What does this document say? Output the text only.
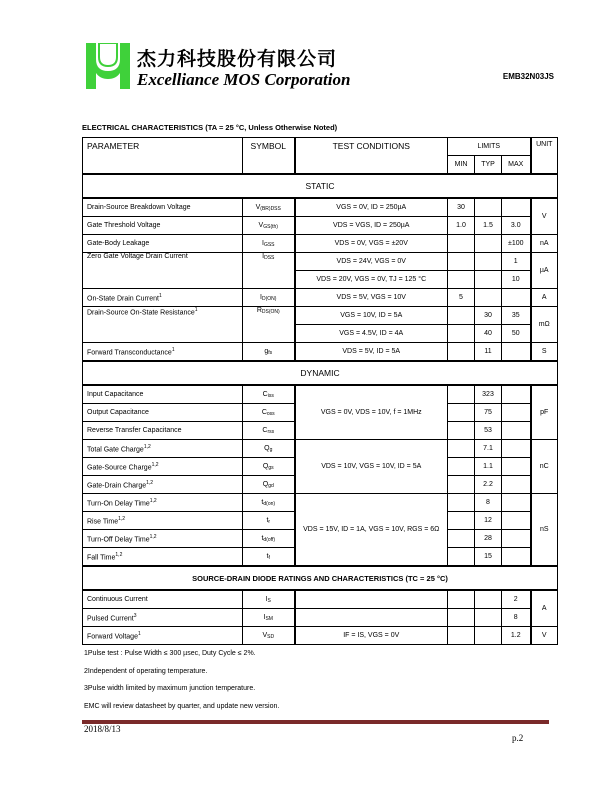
杰力科技股份有限公司
Excelliance MOS Corporation	EMB32N03JS
ELECTRICAL CHARACTERISTICS (TA = 25 °C, Unless Otherwise Noted)
PARAMETER	SYMBOL	TEST CONDITIONS	LIMITS			UNIT
			MIN	TYP	MAX	
STATIC						
Drain-Source Breakdown Voltage	$V_{(BR)DSS}$	VGS = 0V, ID = 250µA	30			V
Gate Threshold Voltage	$V_{GS(th)}$	VDS = VGS, ID = 250µA	1.0	1.5	3.0	
Gate-Body Leakage	$I_{GSS}$	VDS = 0V, VGS = ±20V			±100	nA
Zero Gate Voltage Drain Current	$I_{DSS}$	VDS = 24V, VGS = 0V			1	µA
		VDS = 20V, VGS = 0V, TJ = 125 °C			10	
On-State Drain Current$^1$	$I_{D(ON)}$	VDS = 5V, VGS = 10V	5			A
Drain-Source On-State Resistance$^1$	$R_{DS(ON)}$	VGS = 10V, ID = 5A		30	35	mΩ
		VGS = 4.5V, ID = 4A		40	50	
Forward Transconductance$^1$	$g_{fs}$	VDS = 5V, ID = 5A		11		S
DYNAMIC						
Input Capacitance	$C_{iss}$	VGS = 0V, VDS = 10V, f = 1MHz		323		pF
Output Capacitance	$C_{oss}$			75		
Reverse Transfer Capacitance	$C_{rss}$			53		
Total Gate Charge$^{1,2}$	$Q_g$	VDS = 10V, VGS = 10V, ID = 5A		7.1		nC
Gate-Source Charge$^{1,2}$	$Q_{gs}$			1.1		
Gate-Drain Charge$^{1,2}$	$Q_{gd}$			2.2		
Turn-On Delay Time$^{1,2}$	$t_{d(on)}$	VDS = 15V, ID = 1A, VGS = 10V, RGS = 6Ω		8		nS
Rise Time$^{1,2}$	$t_r$			12		
Turn-Off Delay Time$^{1,2}$	$t_{d(off)}$			28		
Fall Time$^{1,2}$	$t_f$			15		
SOURCE-DRAIN DIODE RATINGS AND CHARACTERISTICS (TC = 25 °C)						
Continuous Current	$I_S$				2	A
Pulsed Current$^3$	$I_{SM}$				8	
Forward Voltage$^1$	$V_{SD}$	IF = IS, VGS = 0V			1.2	V
1Pulse test : Pulse Width ≤ 300 µsec, Duty Cycle ≤ 2%.
2Independent of operating temperature.
3Pulse width limited by maximum junction temperature.
EMC will review datasheet by quarter, and update new version.
2018/8/13
p.2
